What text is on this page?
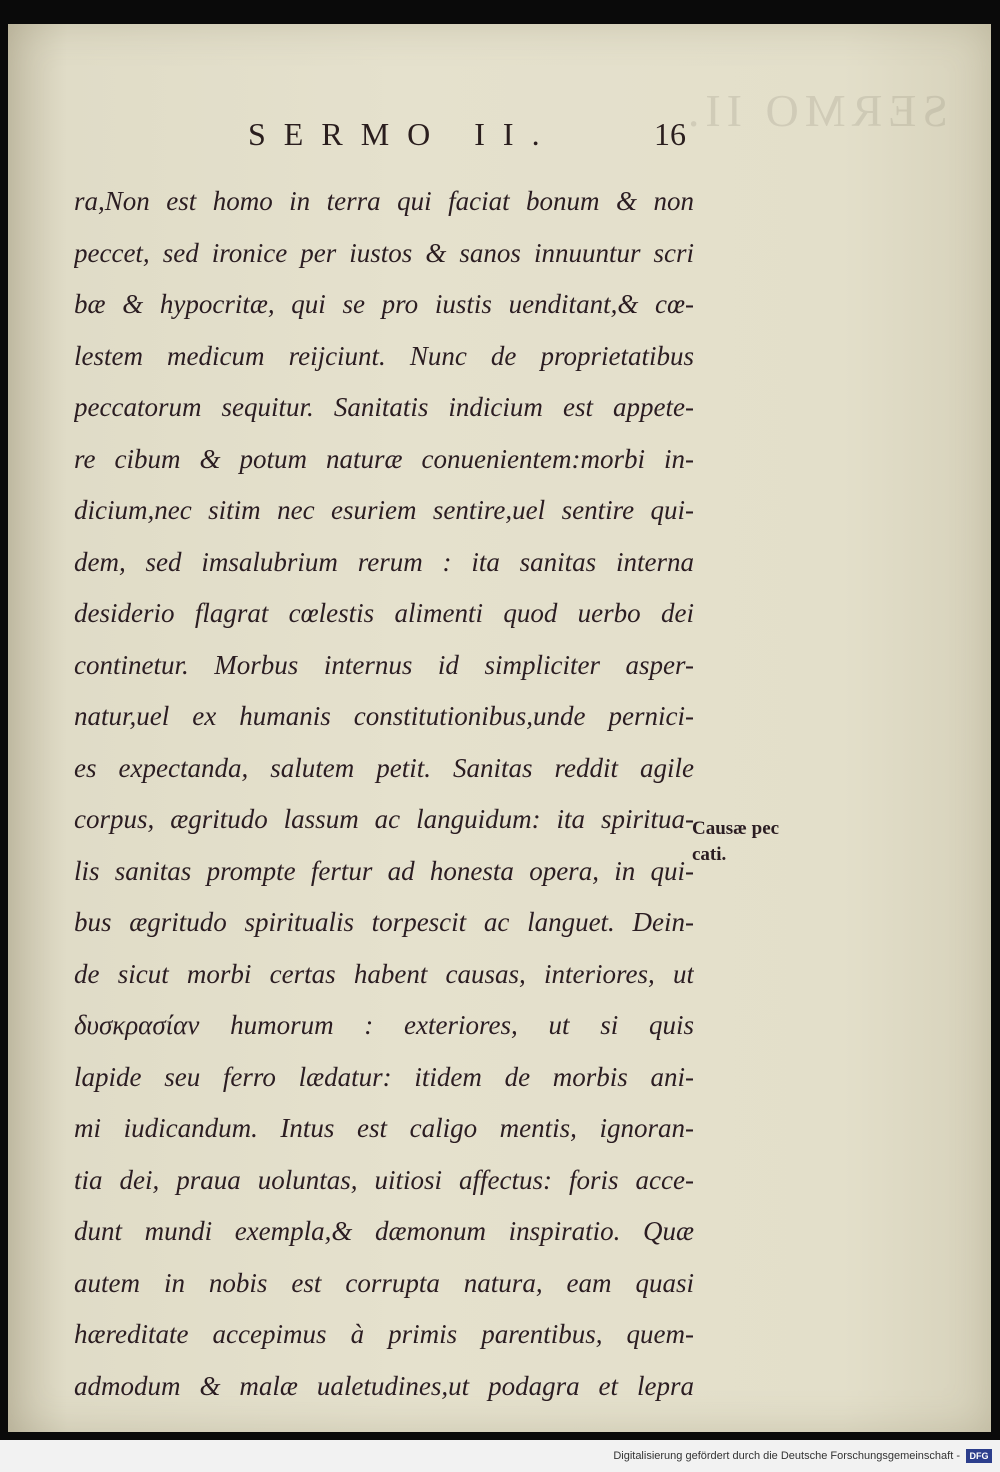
SERMO II.
SERMO II.	16
ra,Non est homo in terra qui faciat bonum & non
peccet, sed ironice per iustos & sanos innuuntur scri
bæ & hypocritæ, qui se pro iustis uenditant,& cœ-
lestem medicum reijciunt. Nunc de proprietatibus
peccatorum sequitur. Sanitatis indicium est appete-
re cibum & potum naturæ conuenientem:morbi in-
dicium,nec sitim nec esuriem sentire,uel sentire qui-
dem, sed imsalubrium rerum : ita sanitas interna
desiderio flagrat cœlestis alimenti quod uerbo dei
continetur. Morbus internus id simpliciter asper-
natur,uel ex humanis constitutionibus,unde pernici-
es expectanda, salutem petit. Sanitas reddit agile
corpus, ægritudo lassum ac languidum: ita spiritua-
lis sanitas prompte fertur ad honesta opera, in qui-
bus ægritudo spiritualis torpescit ac languet. Dein-
de sicut morbi certas habent causas, interiores, ut
δυσκρασίαν humorum : exteriores, ut si quis
lapide seu ferro lædatur: itidem de morbis ani-
mi iudicandum. Intus est caligo mentis, ignoran-
tia dei, praua uoluntas, uitiosi affectus: foris acce-
dunt mundi exempla,& dæmonum inspiratio. Quæ
autem in nobis est corrupta natura, eam quasi
hæreditate accepimus à primis parentibus, quem-
admodum & malæ ualetudines,ut podagra et lepra
Causæ pec
cati.
Digitalisierung gefördert durch die Deutsche Forschungsgemeinschaft -	DFG
